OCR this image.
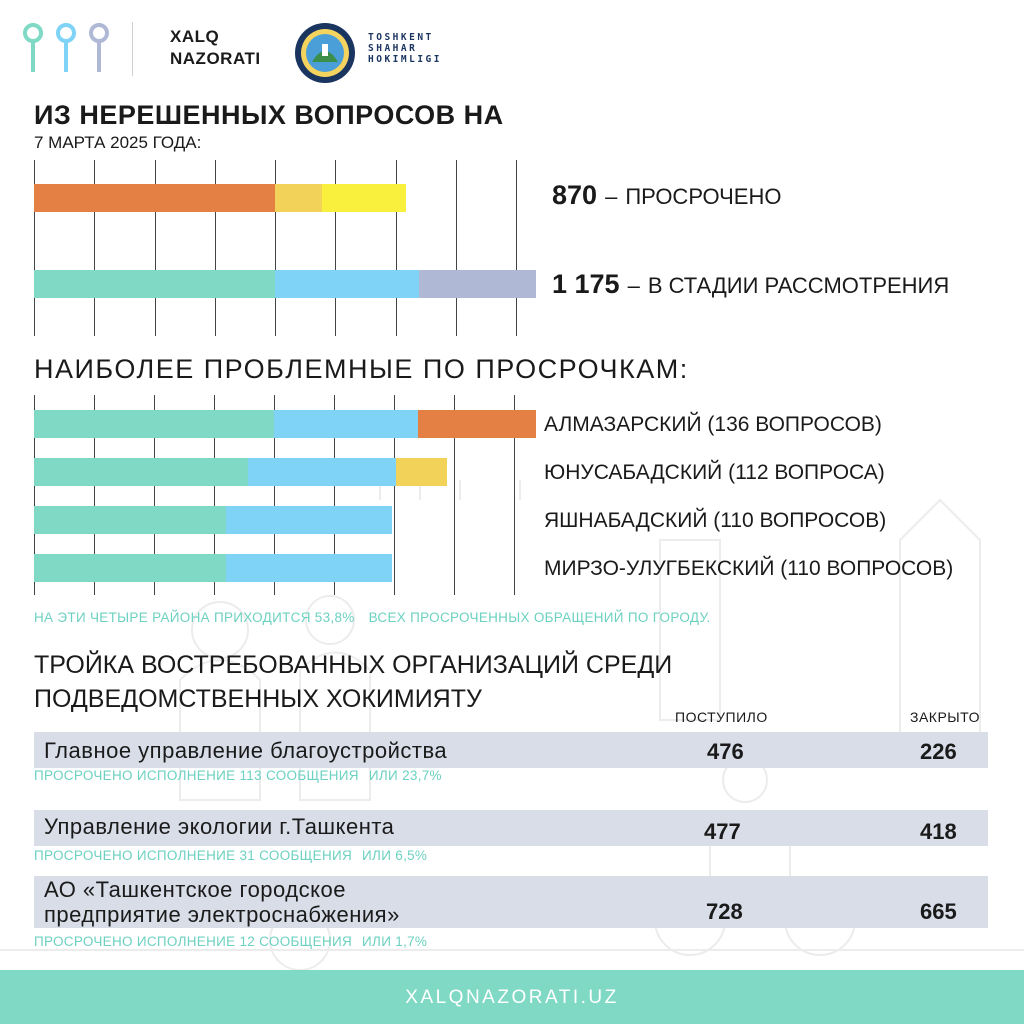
XALQ
NAZORATI
TOSHKENT
SHAHAR
HOKIMLIGI
ИЗ НЕРЕШЕННЫХ ВОПРОСОВ НА
7 МАРТА 2025 ГОДА:
870 – ПРОСРОЧЕНО
1 175 – В СТАДИИ РАССМОТРЕНИЯ
НАИБОЛЕЕ ПРОБЛЕМНЫЕ ПО ПРОСРОЧКАМ:
АЛМАЗАРСКИЙ (136 ВОПРОСОВ)
ЮНУСАБАДСКИЙ (112 ВОПРОСА)
ЯШНАБАДСКИЙ (110 ВОПРОСОВ)
МИРЗО-УЛУГБЕКСКИЙ (110 ВОПРОСОВ)
НА ЭТИ ЧЕТЫРЕ РАЙОНА ПРИХОДИТСЯ 53,8% ВСЕХ ПРОСРОЧЕННЫХ ОБРАЩЕНИЙ ПО ГОРОДУ.
ТРОЙКА ВОСТРЕБОВАННЫХ ОРГАНИЗАЦИЙ СРЕДИ
ПОДВЕДОМСТВЕННЫХ ХОКИМИЯТУ
ПОСТУПИЛО	ЗАКРЫТО
Главное управление благоустройства	476	226
ПРОСРОЧЕНО ИСПОЛНЕНИЕ 113 СООБЩЕНИЯ ИЛИ 23,7%
Управление экологии г.Ташкента	477	418
ПРОСРОЧЕНО ИСПОЛНЕНИЕ 31 СООБЩЕНИЯ ИЛИ 6,5%
АО «Ташкентское городское
предприятие электроснабжения»	728	665
ПРОСРОЧЕНО ИСПОЛНЕНИЕ 12 СООБЩЕНИЯ ИЛИ 1,7%
XALQNAZORATI.UZ
